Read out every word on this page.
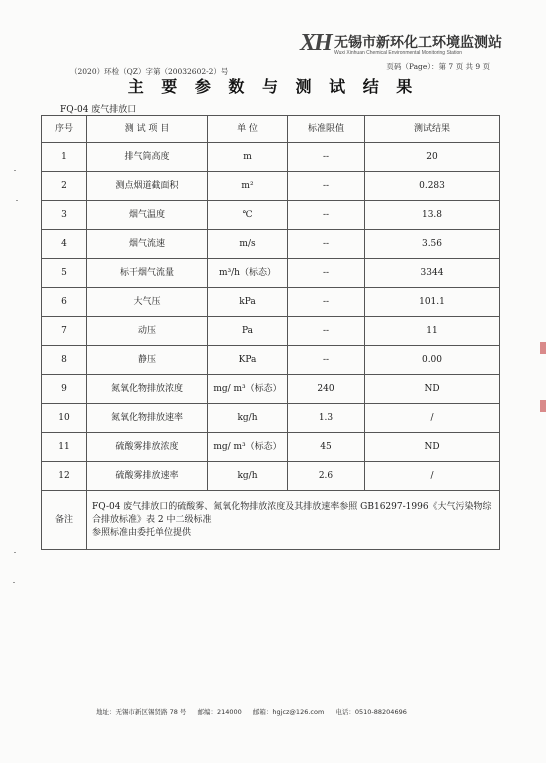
XH 无锡市新环化工环境监测站
Wuxi Xinhuan Chemical Environmental Monitoring Station
（2020）环检（QZ）字第（20032602-2）号
页码（Page）：第 7 页 共 9 页
主 要 参 数 与 测 试 结 果
FQ-04 废气排放口
序号	测 试 项 目	单 位	标准限值	测试结果
1	排气筒高度	m	--	20
2	测点烟道截面积	m²	--	0.283
3	烟气温度	℃	--	13.8
4	烟气流速	m/s	--	3.56
5	标干烟气流量	m³/h（标态）	--	3344
6	大气压	kPa	--	101.1
7	动压	Pa	--	11
8	静压	KPa	--	0.00
9	氮氧化物排放浓度	mg/ m³（标态）	240	ND
10	氮氧化物排放速率	kg/h	1.3	/
11	硫酸雾排放浓度	mg/ m³（标态）	45	ND
12	硫酸雾排放速率	kg/h	2.6	/
备注	FQ-04 废气排放口的硫酸雾、氮氧化物排放浓度及其排放速率参照 GB16297-1996《大气污染物综合排放标准》表 2 中二级标准
参照标准由委托单位提供			
地址：无锡市新区锡贤路 78 号 邮编：214000 邮箱：hgjcz@126.com 电话：0510-88204696
